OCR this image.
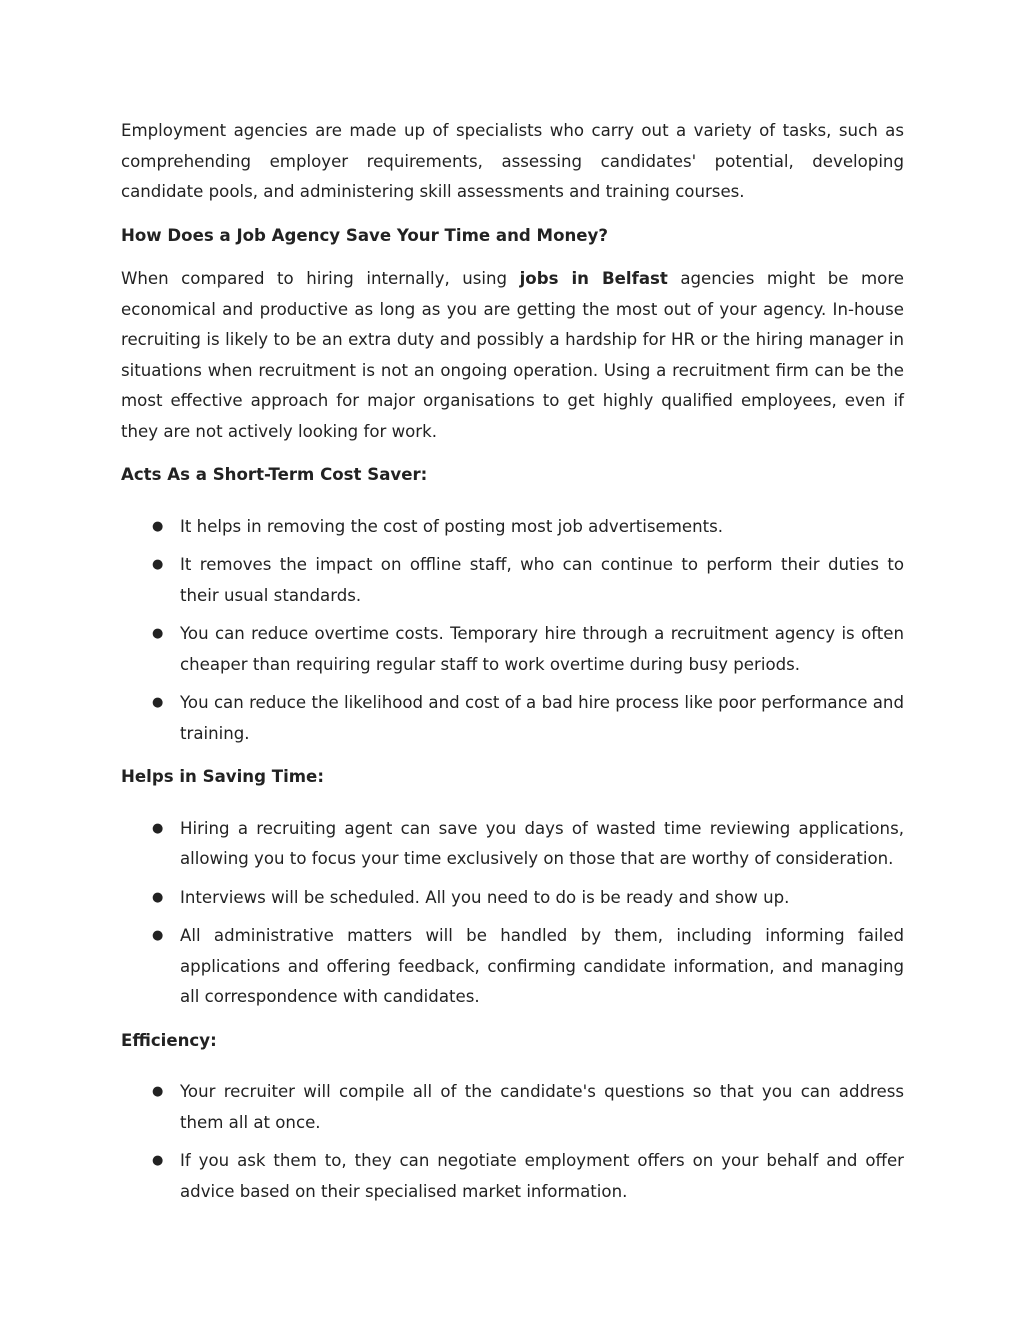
Employment agencies are made up of specialists who carry out a variety of tasks, such as comprehending employer requirements, assessing candidates' potential, developing candidate pools, and administering skill assessments and training courses.

How Does a Job Agency Save Your Time and Money?

When compared to hiring internally, using jobs in Belfast agencies might be more economical and productive as long as you are getting the most out of your agency. In-house recruiting is likely to be an extra duty and possibly a hardship for HR or the hiring manager in situations when recruitment is not an ongoing operation. Using a recruitment firm can be the most effective approach for major organisations to get highly qualified employees, even if they are not actively looking for work.

Acts As a Short-Term Cost Saver:

● It helps in removing the cost of posting most job advertisements.
● It removes the impact on offline staff, who can continue to perform their duties to their usual standards.
● You can reduce overtime costs. Temporary hire through a recruitment agency is often cheaper than requiring regular staff to work overtime during busy periods.
● You can reduce the likelihood and cost of a bad hire process like poor performance and training.

Helps in Saving Time:

● Hiring a recruiting agent can save you days of wasted time reviewing applications, allowing you to focus your time exclusively on those that are worthy of consideration.
● Interviews will be scheduled. All you need to do is be ready and show up.
● All administrative matters will be handled by them, including informing failed applications and offering feedback, confirming candidate information, and managing all correspondence with candidates.

Efficiency:

● Your recruiter will compile all of the candidate's questions so that you can address them all at once.
● If you ask them to, they can negotiate employment offers on your behalf and offer advice based on their specialised market information.
